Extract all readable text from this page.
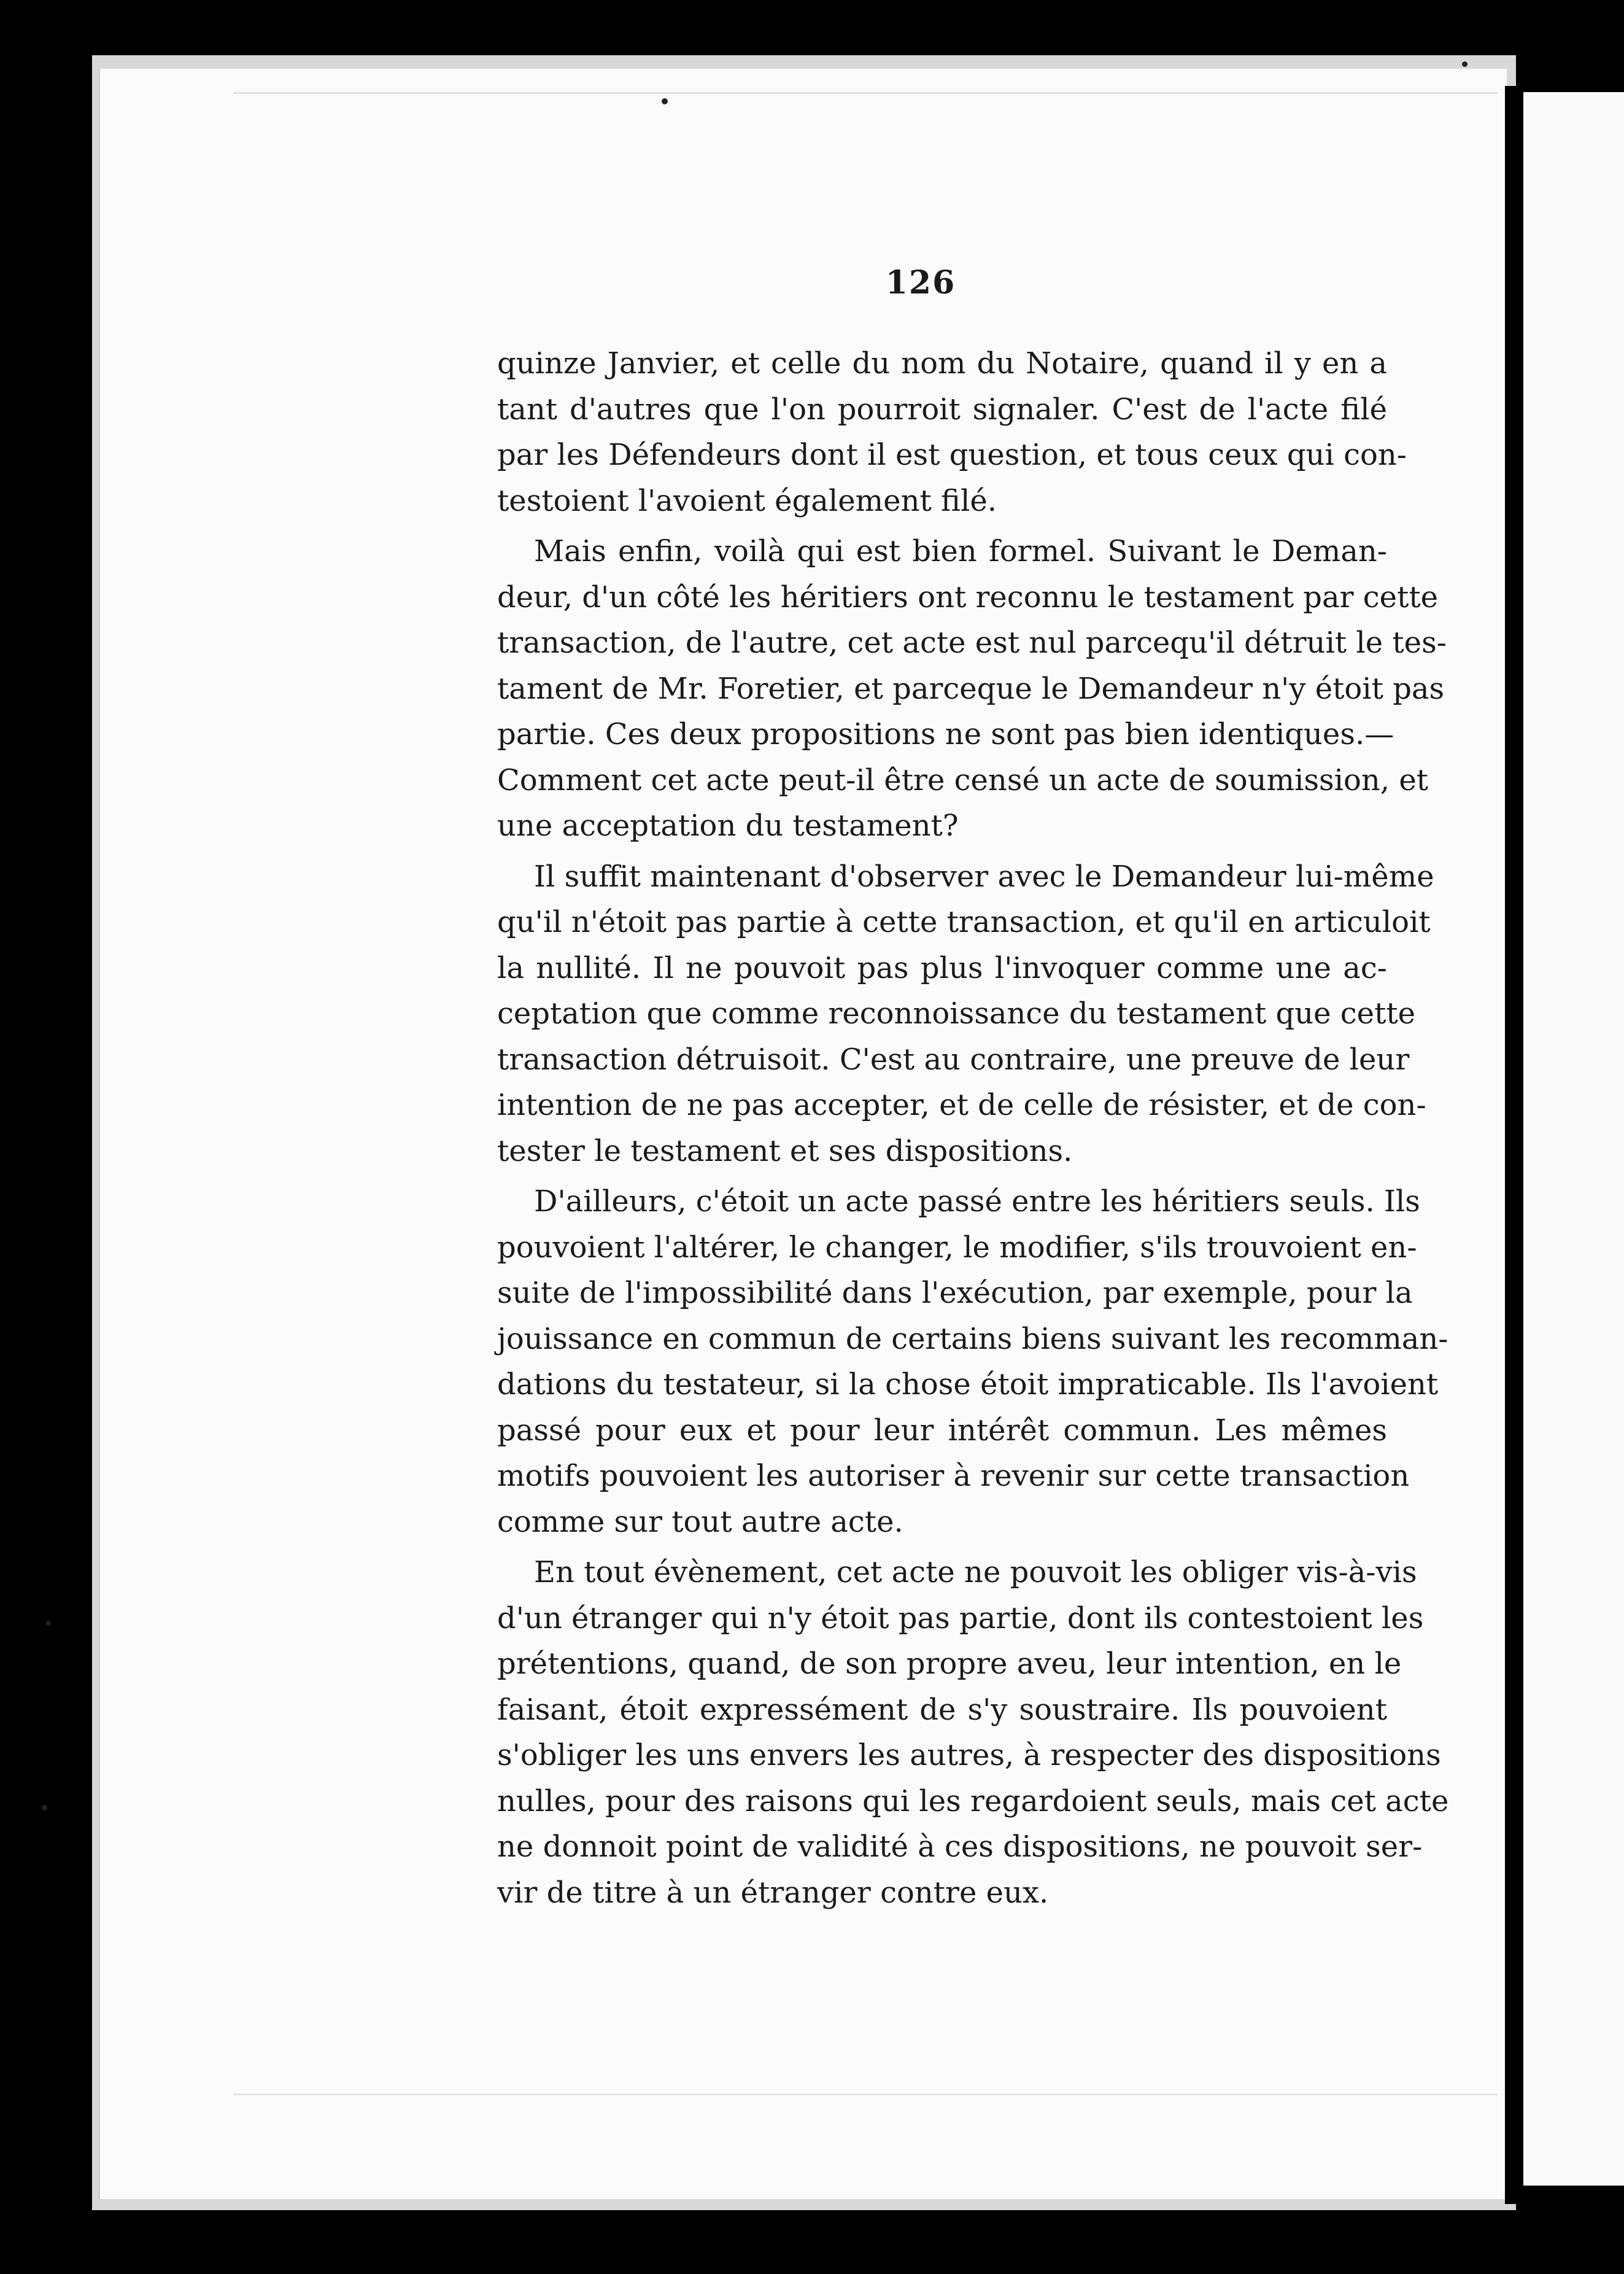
126
quinze Janvier, et celle du nom du Notaire, quand il y en a
tant d'autres que l'on pourroit signaler. C'est de l'acte filé
par les Défendeurs dont il est question, et tous ceux qui con-
testoient l'avoient également filé.
Mais enfin, voilà qui est bien formel. Suivant le Deman-
deur, d'un côté les héritiers ont reconnu le testament par cette
transaction, de l'autre, cet acte est nul parcequ'il détruit le tes-
tament de Mr. Foretier, et parceque le Demandeur n'y étoit pas
partie. Ces deux propositions ne sont pas bien identiques.—
Comment cet acte peut-il être censé un acte de soumission, et
une acceptation du testament?
Il suffit maintenant d'observer avec le Demandeur lui-même
qu'il n'étoit pas partie à cette transaction, et qu'il en articuloit
la nullité. Il ne pouvoit pas plus l'invoquer comme une ac-
ceptation que comme reconnoissance du testament que cette
transaction détruisoit. C'est au contraire, une preuve de leur
intention de ne pas accepter, et de celle de résister, et de con-
tester le testament et ses dispositions.
D'ailleurs, c'étoit un acte passé entre les héritiers seuls. Ils
pouvoient l'altérer, le changer, le modifier, s'ils trouvoient en-
suite de l'impossibilité dans l'exécution, par exemple, pour la
jouissance en commun de certains biens suivant les recomman-
dations du testateur, si la chose étoit impraticable. Ils l'avoient
passé pour eux et pour leur intérêt commun. Les mêmes
motifs pouvoient les autoriser à revenir sur cette transaction
comme sur tout autre acte.
En tout évènement, cet acte ne pouvoit les obliger vis-à-vis
d'un étranger qui n'y étoit pas partie, dont ils contestoient les
prétentions, quand, de son propre aveu, leur intention, en le
faisant, étoit expressément de s'y soustraire. Ils pouvoient
s'obliger les uns envers les autres, à respecter des dispositions
nulles, pour des raisons qui les regardoient seuls, mais cet acte
ne donnoit point de validité à ces dispositions, ne pouvoit ser-
vir de titre à un étranger contre eux.
